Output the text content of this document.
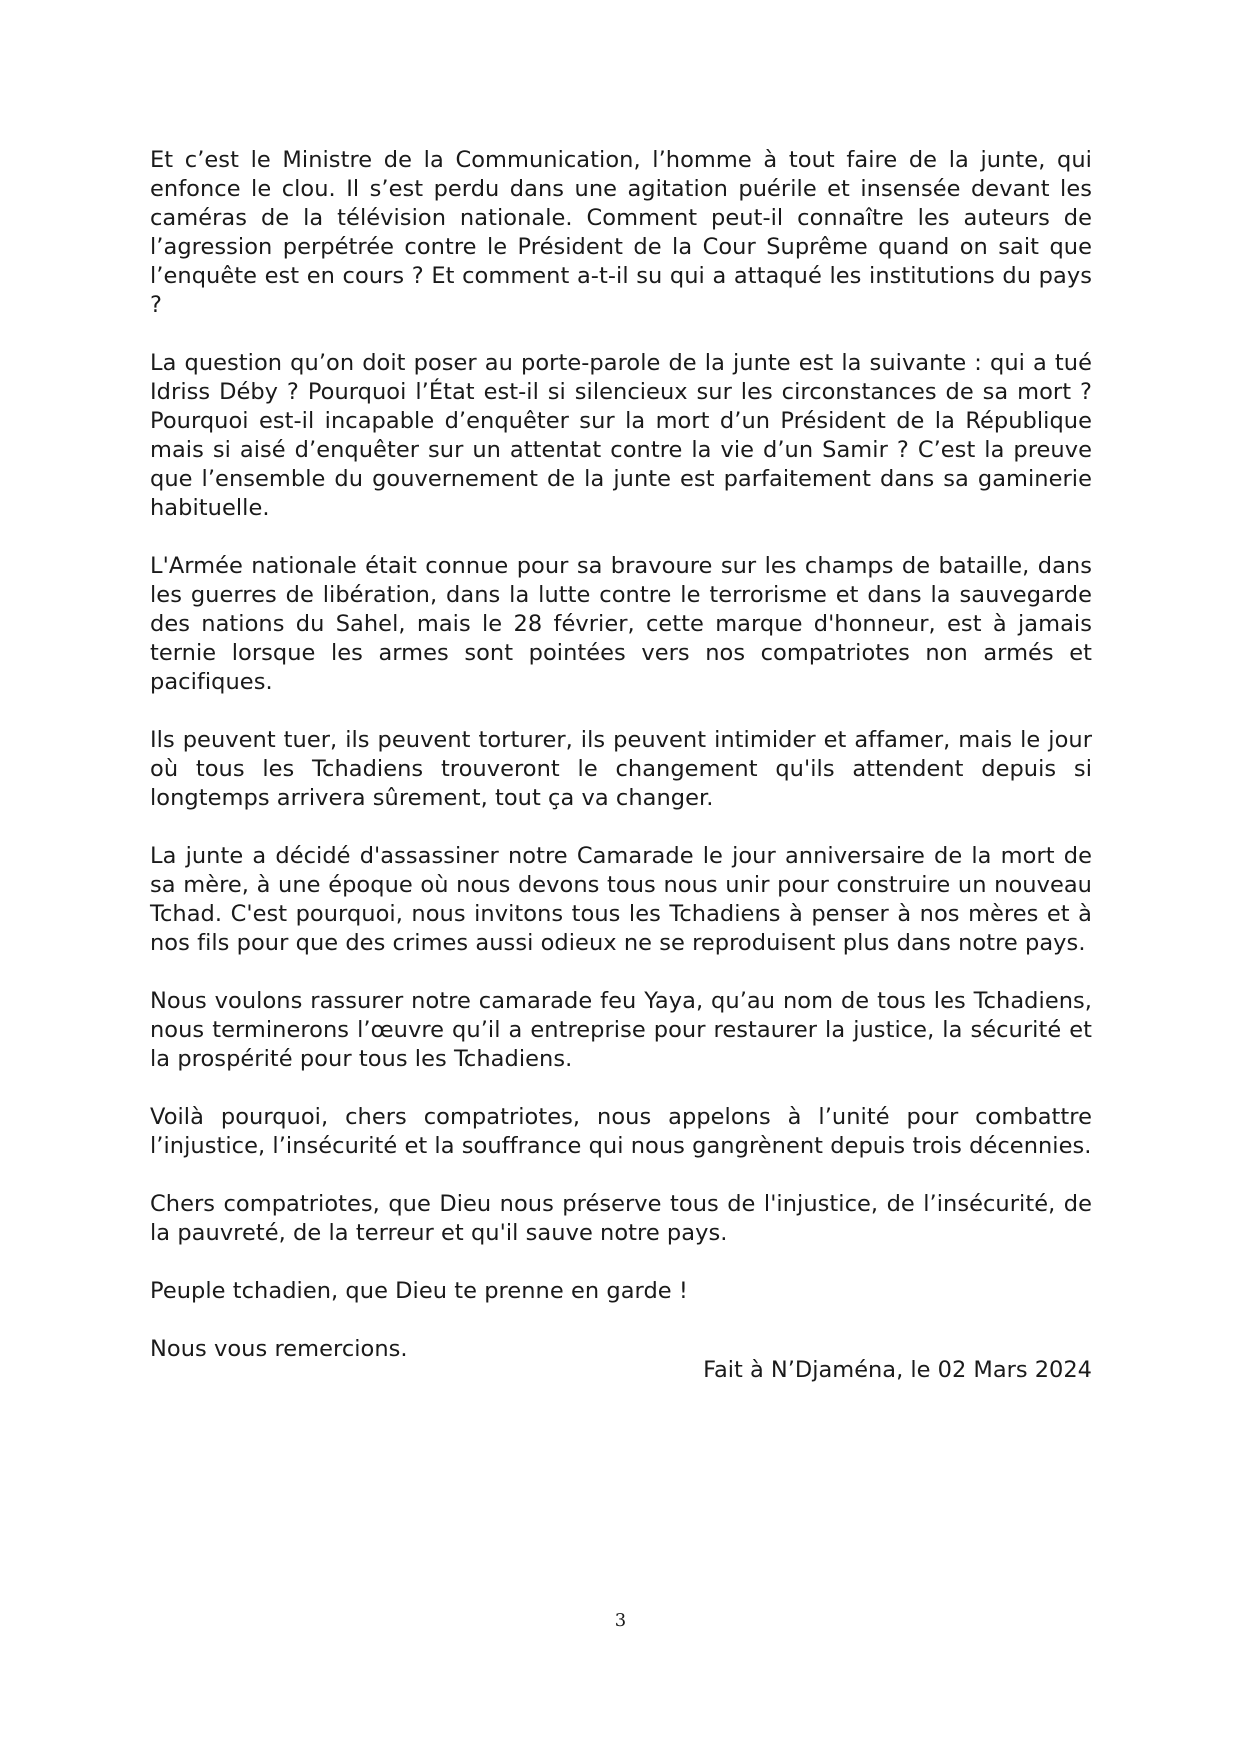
Et c’est le Ministre de la Communication, l’homme à tout faire de la junte, qui enfonce le clou. Il s’est perdu dans une agitation puérile et insensée devant les caméras de la télévision nationale. Comment peut-il connaître les auteurs de l’agression perpétrée contre le Président de la Cour Suprême quand on sait que l’enquête est en cours ? Et comment a-t-il su qui a attaqué les institutions du pays ?

La question qu’on doit poser au porte-parole de la junte est la suivante : qui a tué Idriss Déby ? Pourquoi l’État est-il si silencieux sur les circonstances de sa mort ? Pourquoi est-il incapable d’enquêter sur la mort d’un Président de la République mais si aisé d’enquêter sur un attentat contre la vie d’un Samir ? C’est la preuve que l’ensemble du gouvernement de la junte est parfaitement dans sa gaminerie habituelle.

L'Armée nationale était connue pour sa bravoure sur les champs de bataille, dans les guerres de libération, dans la lutte contre le terrorisme et dans la sauvegarde des nations du Sahel, mais le 28 février, cette marque d'honneur, est à jamais ternie lorsque les armes sont pointées vers nos compatriotes non armés et pacifiques.

Ils peuvent tuer, ils peuvent torturer, ils peuvent intimider et affamer, mais le jour où tous les Tchadiens trouveront le changement qu'ils attendent depuis si longtemps arrivera sûrement, tout ça va changer.

La junte a décidé d'assassiner notre Camarade le jour anniversaire de la mort de sa mère, à une époque où nous devons tous nous unir pour construire un nouveau Tchad. C'est pourquoi, nous invitons tous les Tchadiens à penser à nos mères et à nos fils pour que des crimes aussi odieux ne se reproduisent plus dans notre pays.

Nous voulons rassurer notre camarade feu Yaya, qu’au nom de tous les Tchadiens, nous terminerons l’œuvre qu’il a entreprise pour restaurer la justice, la sécurité et la prospérité pour tous les Tchadiens.

Voilà pourquoi, chers compatriotes, nous appelons à l’unité pour combattre l’injustice, l’insécurité et la souffrance qui nous gangrènent depuis trois décennies.

Chers compatriotes, que Dieu nous préserve tous de l'injustice, de l’insécurité, de la pauvreté, de la terreur et qu'il sauve notre pays.

Peuple tchadien, que Dieu te prenne en garde !

Nous vous remercions.

Fait à N’Djaména, le 02 Mars 2024
3
